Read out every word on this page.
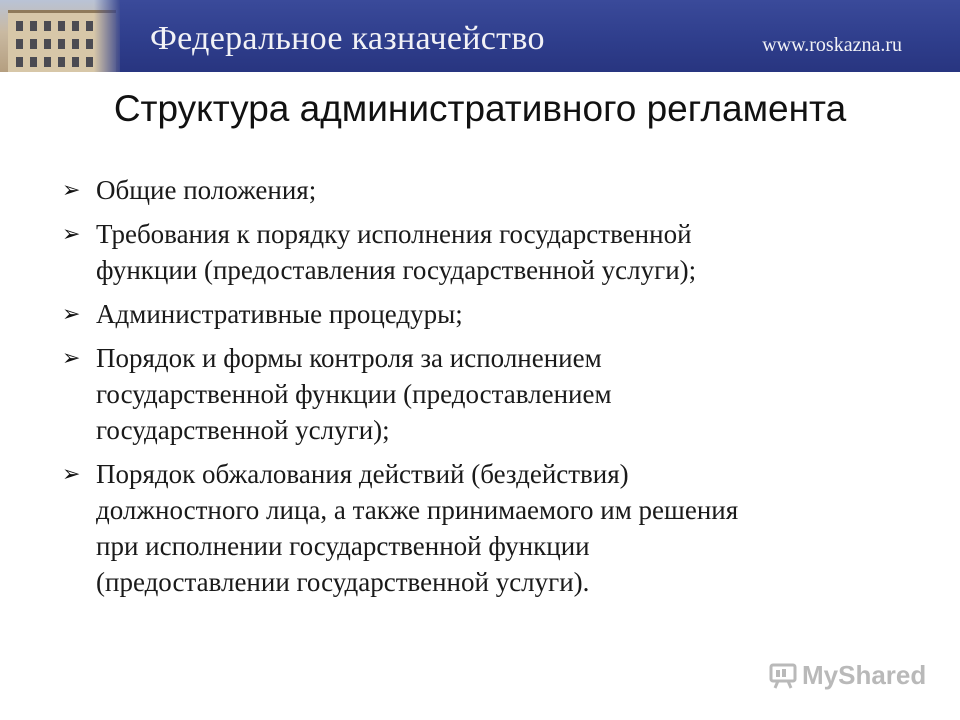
Федеральное казначейство	www.roskazna.ru
Структура административного регламента
➢ Общие положения;
➢ Требования к порядку исполнения государственной
функции (предоставления государственной услуги);
➢ Административные процедуры;
➢ Порядок и формы контроля за исполнением
государственной функции (предоставлением
государственной услуги);
➢ Порядок обжалования действий (бездействия)
должностного лица, а также принимаемого им решения
при исполнении государственной функции
(предоставлении государственной услуги).
MyShared
